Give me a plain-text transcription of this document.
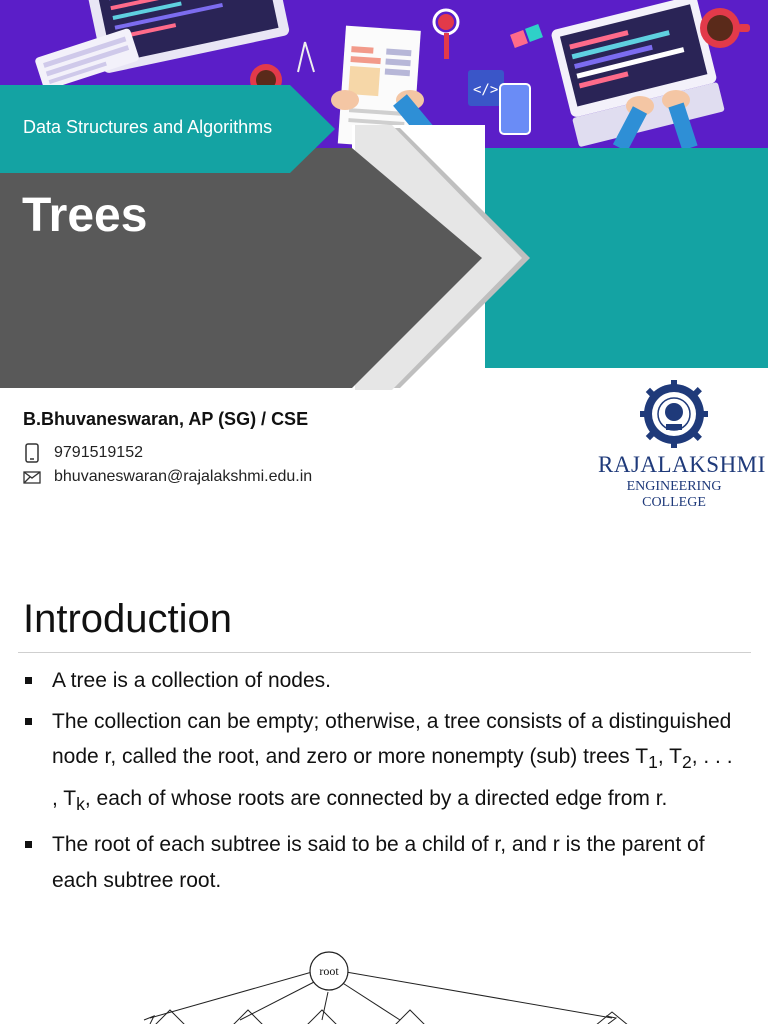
</>
Data Structures and Algorithms
Trees
B.Bhuvaneswaran, AP (SG) / CSE
9791519152
bhuvaneswaran@rajalakshmi.edu.in	RAJALAKSHMI
ENGINEERING COLLEGE
Introduction
A tree is a collection of nodes.
The collection can be empty; otherwise, a tree consists of a distinguished node r, called the root, and zero or more nonempty (sub) trees $T_1$, $T_2$, . . . , $T_k$, each of whose roots are connected by a directed edge from r.
The root of each subtree is said to be a child of r, and r is the parent of each subtree root.
root
